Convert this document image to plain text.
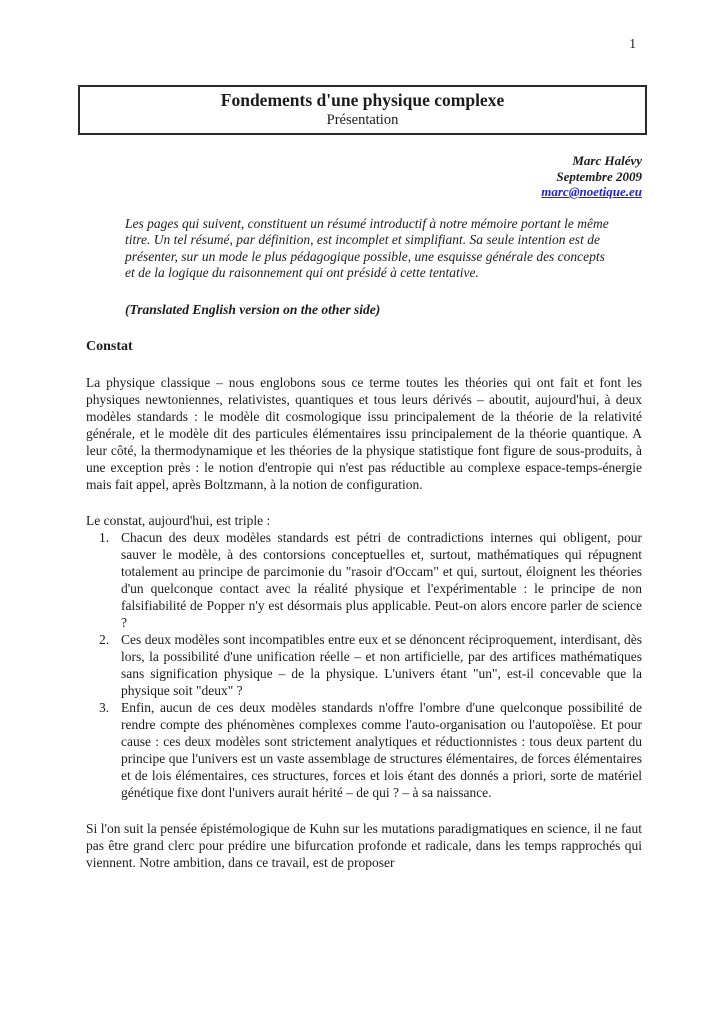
1
Fondements d'une physique complexe
Présentation
Marc Halévy
Septembre 2009
marc@noetique.eu

Les pages qui suivent, constituent un résumé introductif à notre mémoire portant le même titre. Un tel résumé, par définition, est incomplet et simplifiant. Sa seule intention est de présenter, sur un mode le plus pédagogique possible, une esquisse générale des concepts et de la logique du raisonnement qui ont présidé à cette tentative.

(Translated English version on the other side)

Constat

La physique classique – nous englobons sous ce terme toutes les théories qui ont fait et font les physiques newtoniennes, relativistes, quantiques et tous leurs dérivés – aboutit, aujourd'hui, à deux modèles standards : le modèle dit cosmologique issu principalement de la théorie de la relativité générale, et le modèle dit des particules élémentaires issu principalement de la théorie quantique. A leur côté, la thermodynamique et les théories de la physique statistique font figure de sous-produits, à une exception près : le notion d'entropie qui n'est pas réductible au complexe espace-temps-énergie mais fait appel, après Boltzmann, à la notion de configuration.

Le constat, aujourd'hui, est triple :

1. Chacun des deux modèles standards est pétri de contradictions internes qui obligent, pour sauver le modèle, à des contorsions conceptuelles et, surtout, mathématiques qui répugnent totalement au principe de parcimonie du "rasoir d'Occam" et qui, surtout, éloignent les théories d'un quelconque contact avec la réalité physique et l'expérimentable : le principe de non falsifiabilité de Popper n'y est désormais plus applicable. Peut-on alors encore parler de science ?
2. Ces deux modèles sont incompatibles entre eux et se dénoncent réciproquement, interdisant, dès lors, la possibilité d'une unification réelle – et non artificielle, par des artifices mathématiques sans signification physique – de la physique. L'univers étant "un", est-il concevable que la physique soit "deux" ?
3. Enfin, aucun de ces deux modèles standards n'offre l'ombre d'une quelconque possibilité de rendre compte des phénomènes complexes comme l'auto-organisation ou l'autopoïèse. Et pour cause : ces deux modèles sont strictement analytiques et réductionnistes : tous deux partent du principe que l'univers est un vaste assemblage de structures élémentaires, de forces élémentaires et de lois élémentaires, ces structures, forces et lois étant des donnés a priori, sorte de matériel génétique fixe dont l'univers aurait hérité – de qui ? – à sa naissance.

Si l'on suit la pensée épistémologique de Kuhn sur les mutations paradigmatiques en science, il ne faut pas être grand clerc pour prédire une bifurcation profonde et radicale, dans les temps rapprochés qui viennent. Notre ambition, dans ce travail, est de proposer
